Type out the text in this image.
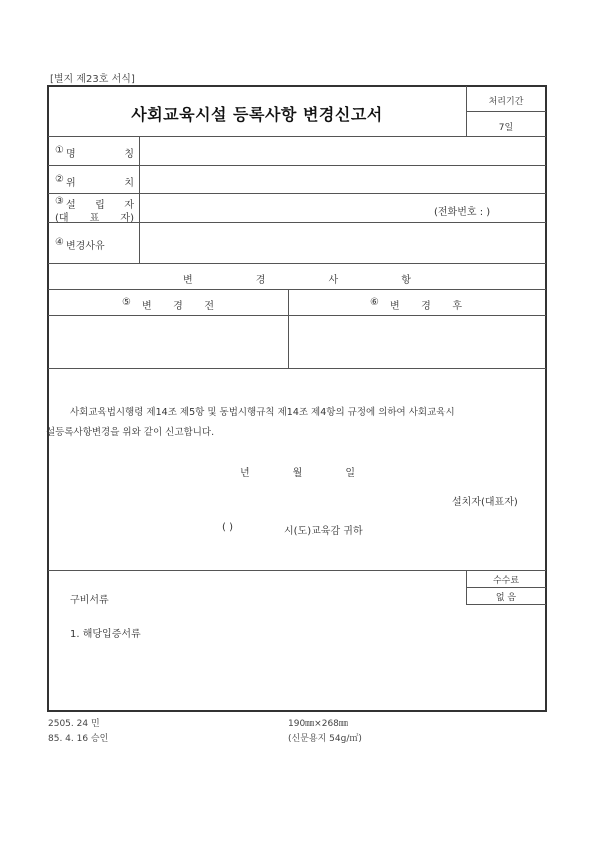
[별지 제23호 서식]
사회교육시설 등록사항 변경신고서
처리기간
7일
① 명	칭
② 위	치
③ 설 립 자
(대 표 자)
(전화번호 : )
④ 변경사유
변	경	사	항
⑤ 변 경 전	⑥ 변 경 후
사회교육법시행령 제14조 제5항 및 동법시행규칙 제14조 제4항의 규정에 의하여 사회교육시
설등록사항변경을 위와 같이 신고합니다.
년	월	일
설치자(대표자)
( )	시(도)교육감 귀하
수수료
없 음
구비서류
1. 해당입증서류
2505. 24 민
85. 4. 16 승인
190㎜×268㎜
(신문용지 54g/㎡)
